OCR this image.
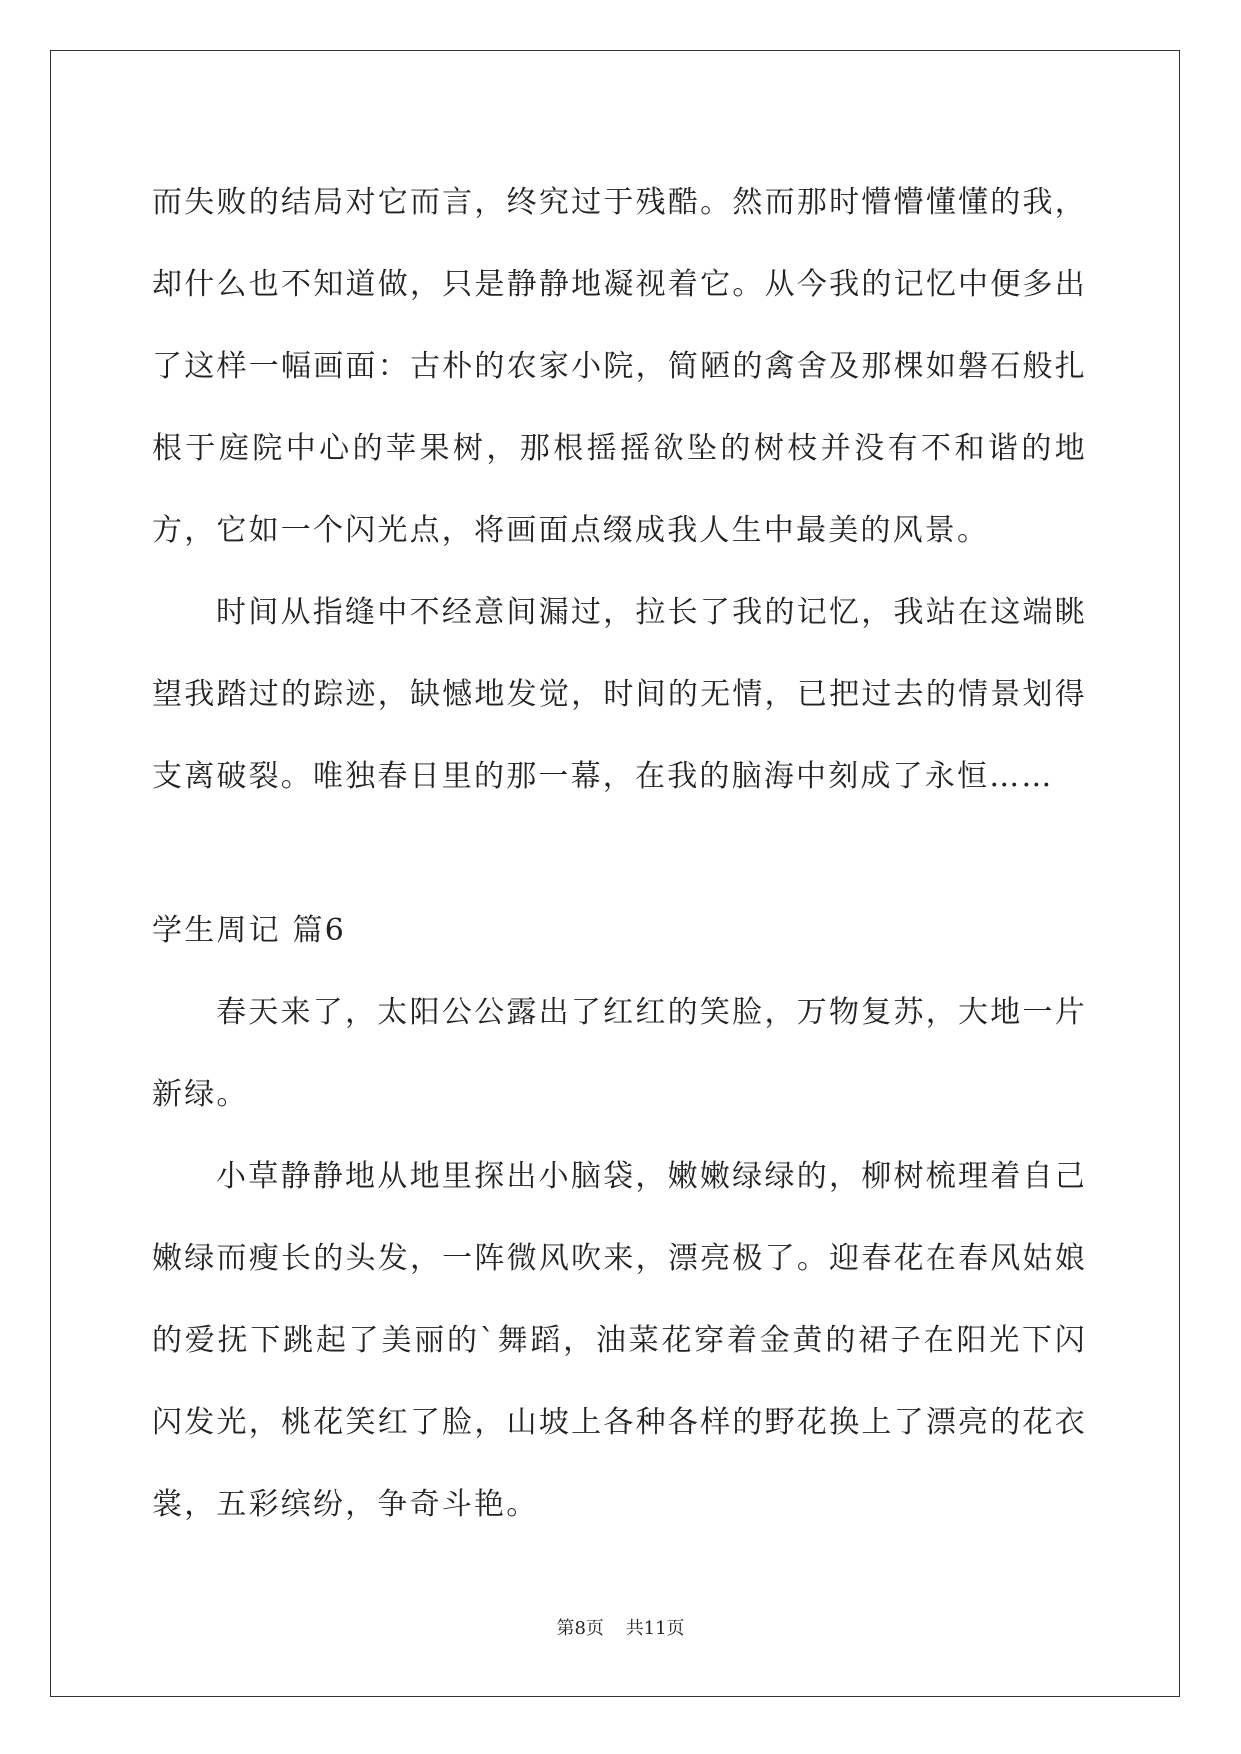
而失败的结局对它而言，终究过于残酷。然而那时懵懵懂懂的我，却什么也不知道做，只是静静地凝视着它。从今我的记忆中便多出了这样一幅画面：古朴的农家小院，简陋的禽舍及那棵如磐石般扎根于庭院中心的苹果树，那根摇摇欲坠的树枝并没有不和谐的地方，它如一个闪光点，将画面点缀成我人生中最美的风景。

时间从指缝中不经意间漏过，拉长了我的记忆，我站在这端眺望我踏过的踪迹，缺憾地发觉，时间的无情，已把过去的情景划得支离破裂。唯独春日里的那一幕，在我的脑海中刻成了永恒……

学生周记 篇6

春天来了，太阳公公露出了红红的笑脸，万物复苏，大地一片新绿。

小草静静地从地里探出小脑袋，嫩嫩绿绿的，柳树梳理着自己嫩绿而瘦长的头发，一阵微风吹来，漂亮极了。迎春花在春风姑娘的爱抚下跳起了美丽的`舞蹈，油菜花穿着金黄的裙子在阳光下闪闪发光，桃花笑红了脸，山坡上各种各样的野花换上了漂亮的花衣裳，五彩缤纷，争奇斗艳。

第8页 共11页
